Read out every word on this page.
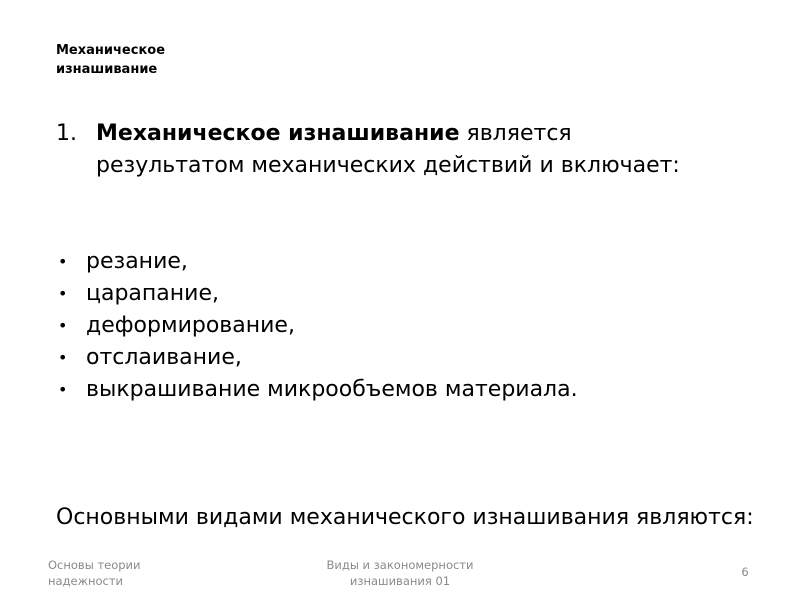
Механическое
изнашивание
1. Механическое изнашивание является результатом механических действий и включает:
• резание,
• царапание,
• деформирование,
• отслаивание,
• выкрашивание микрообъемов материала.
Основными видами механического изнашивания являются:
Основы теории
надежности
Виды и закономерности
изнашивания 01
6
